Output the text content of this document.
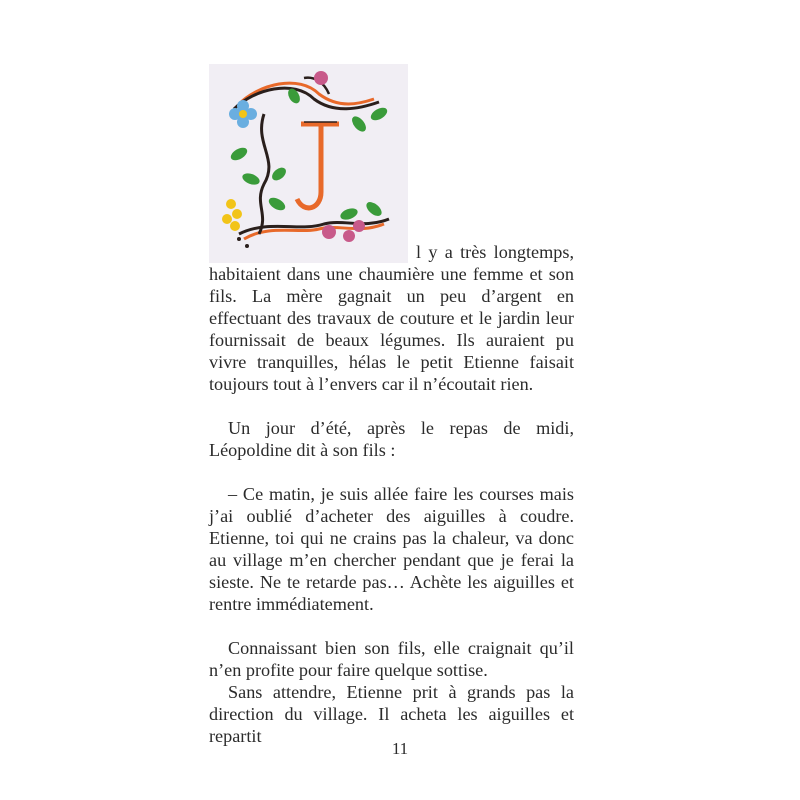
l y a très longtemps, habitaient dans une chaumière une femme et son fils. La mère gagnait un peu d’argent en effectuant des travaux de couture et le jardin leur fournissait de beaux légumes. Ils auraient pu vivre tranquilles, hélas le petit Etienne faisait toujours tout à l’envers car il n’écoutait rien.

Un jour d’été, après le repas de midi, Léopoldine dit à son fils :

– Ce matin, je suis allée faire les courses mais j’ai oublié d’acheter des aiguilles à coudre. Etienne, toi qui ne crains pas la chaleur, va donc au village m’en chercher pendant que je ferai la sieste. Ne te retarde pas… Achète les aiguilles et rentre immédiatement.

Connaissant bien son fils, elle craignait qu’il n’en profite pour faire quelque sottise.

Sans attendre, Etienne prit à grands pas la direction du village. Il acheta les aiguilles et repartit

11
